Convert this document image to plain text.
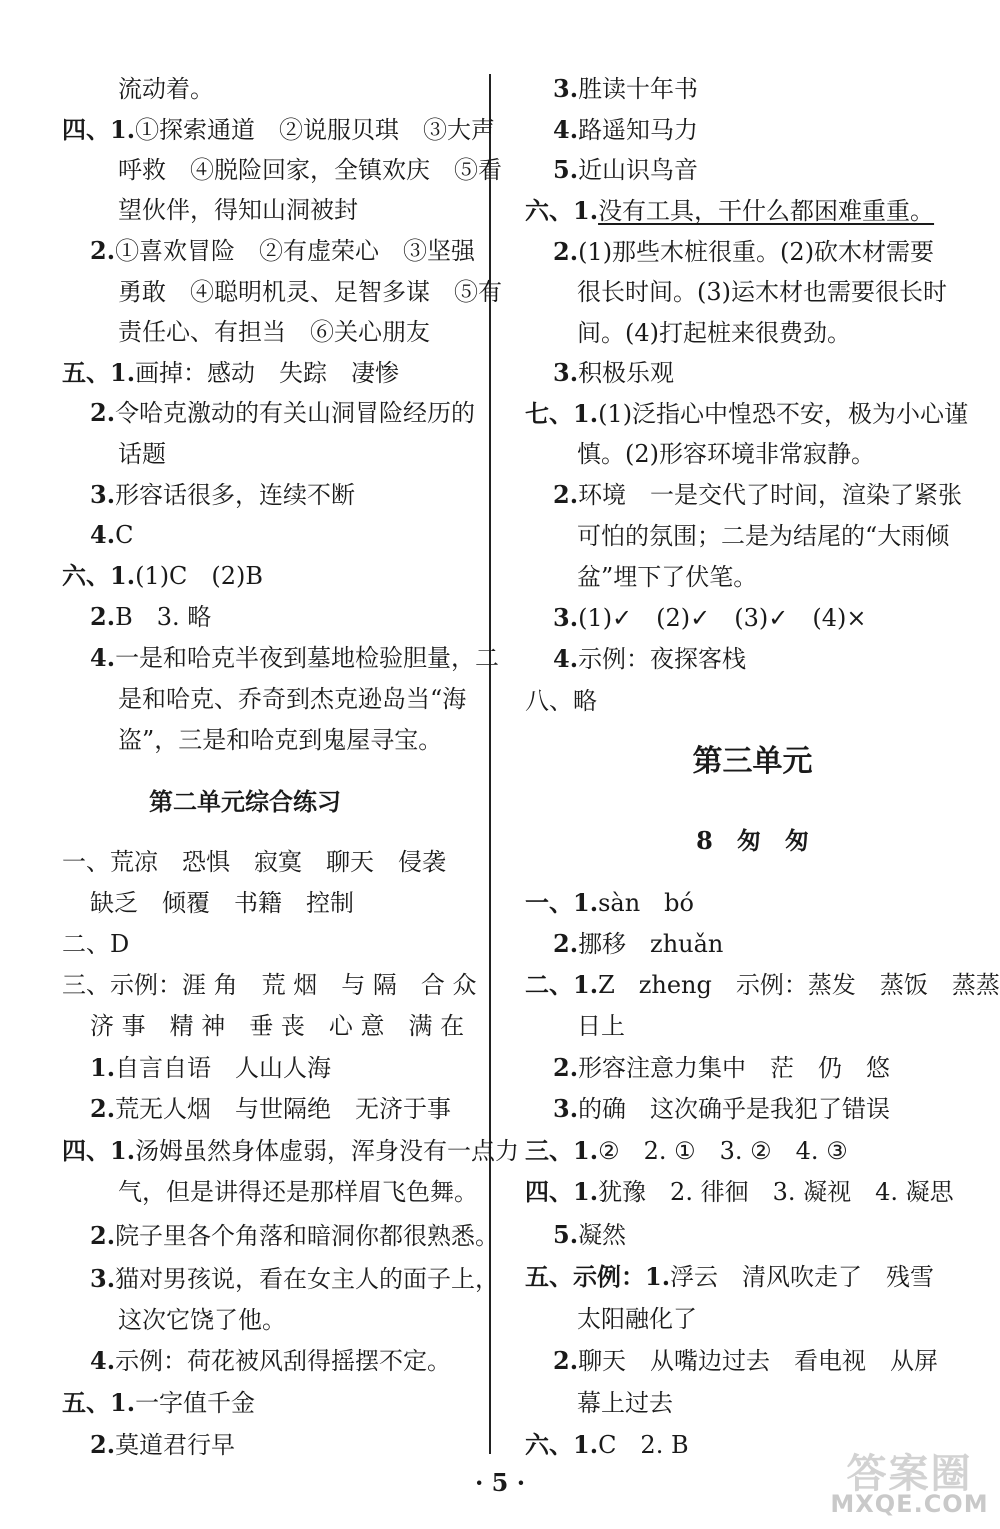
流动着。
四、1.①探索通道　②说服贝琪　③大声
呼救　④脱险回家，全镇欢庆　⑤看
望伙伴，得知山洞被封
2.①喜欢冒险　②有虚荣心　③坚强
勇敢　④聪明机灵、足智多谋　⑤有
责任心、有担当　⑥关心朋友
五、1.画掉：感动　失踪　凄惨
2.令哈克激动的有关山洞冒险经历的
话题
3.形容话很多，连续不断
4.C
六、1.(1)C　(2)B
2.B　3. 略
4.一是和哈克半夜到墓地检验胆量，二
是和哈克、乔奇到杰克逊岛当“海
盗”，三是和哈克到鬼屋寻宝。
第二单元综合练习
一、荒凉　恐惧　寂寞　聊天　侵袭
缺乏　倾覆　书籍　控制
二、D
三、示例：涯 角　荒 烟　与 隔　合 众
济 事　精 神　垂 丧　心 意　满 在
1.自言自语　人山人海
2.荒无人烟　与世隔绝　无济于事
四、1.汤姆虽然身体虚弱，浑身没有一点力
气，但是讲得还是那样眉飞色舞。
2.院子里各个角落和暗洞你都很熟悉。
3.猫对男孩说，看在女主人的面子上，
这次它饶了他。
4.示例：荷花被风刮得摇摆不定。
五、1.一字值千金
2.莫道君行早
3.胜读十年书
4.路遥知马力
5.近山识鸟音
六、1.没有工具，干什么都困难重重。
2.(1)那些木桩很重。(2)砍木材需要
很长时间。(3)运木材也需要很长时
间。(4)打起桩来很费劲。
3.积极乐观
七、1.(1)泛指心中惶恐不安，极为小心谨
慎。(2)形容环境非常寂静。
2.环境　一是交代了时间，渲染了紧张
可怕的氛围；二是为结尾的“大雨倾
盆”埋下了伏笔。
3.(1)✓　(2)✓　(3)✓　(4)×
4.示例：夜探客栈
八、略
第三单元
8　匆　匆
一、1.sàn　bó
2.挪移　zhuǎn
二、1.Z　zheng　示例：蒸发　蒸饭　蒸蒸
日上
2.形容注意力集中　茫　仍　悠
3.的确　这次确乎是我犯了错误
三、1.②　2. ①　3. ②　4. ③
四、1.犹豫　2. 徘徊　3. 凝视　4. 凝思
5.凝然
五、示例：1.浮云　清风吹走了　残雪
太阳融化了
2.聊天　从嘴边过去　看电视　从屏
幕上过去
六、1.C　2. B
· 5 ·	答案圈
MXQE.COM
